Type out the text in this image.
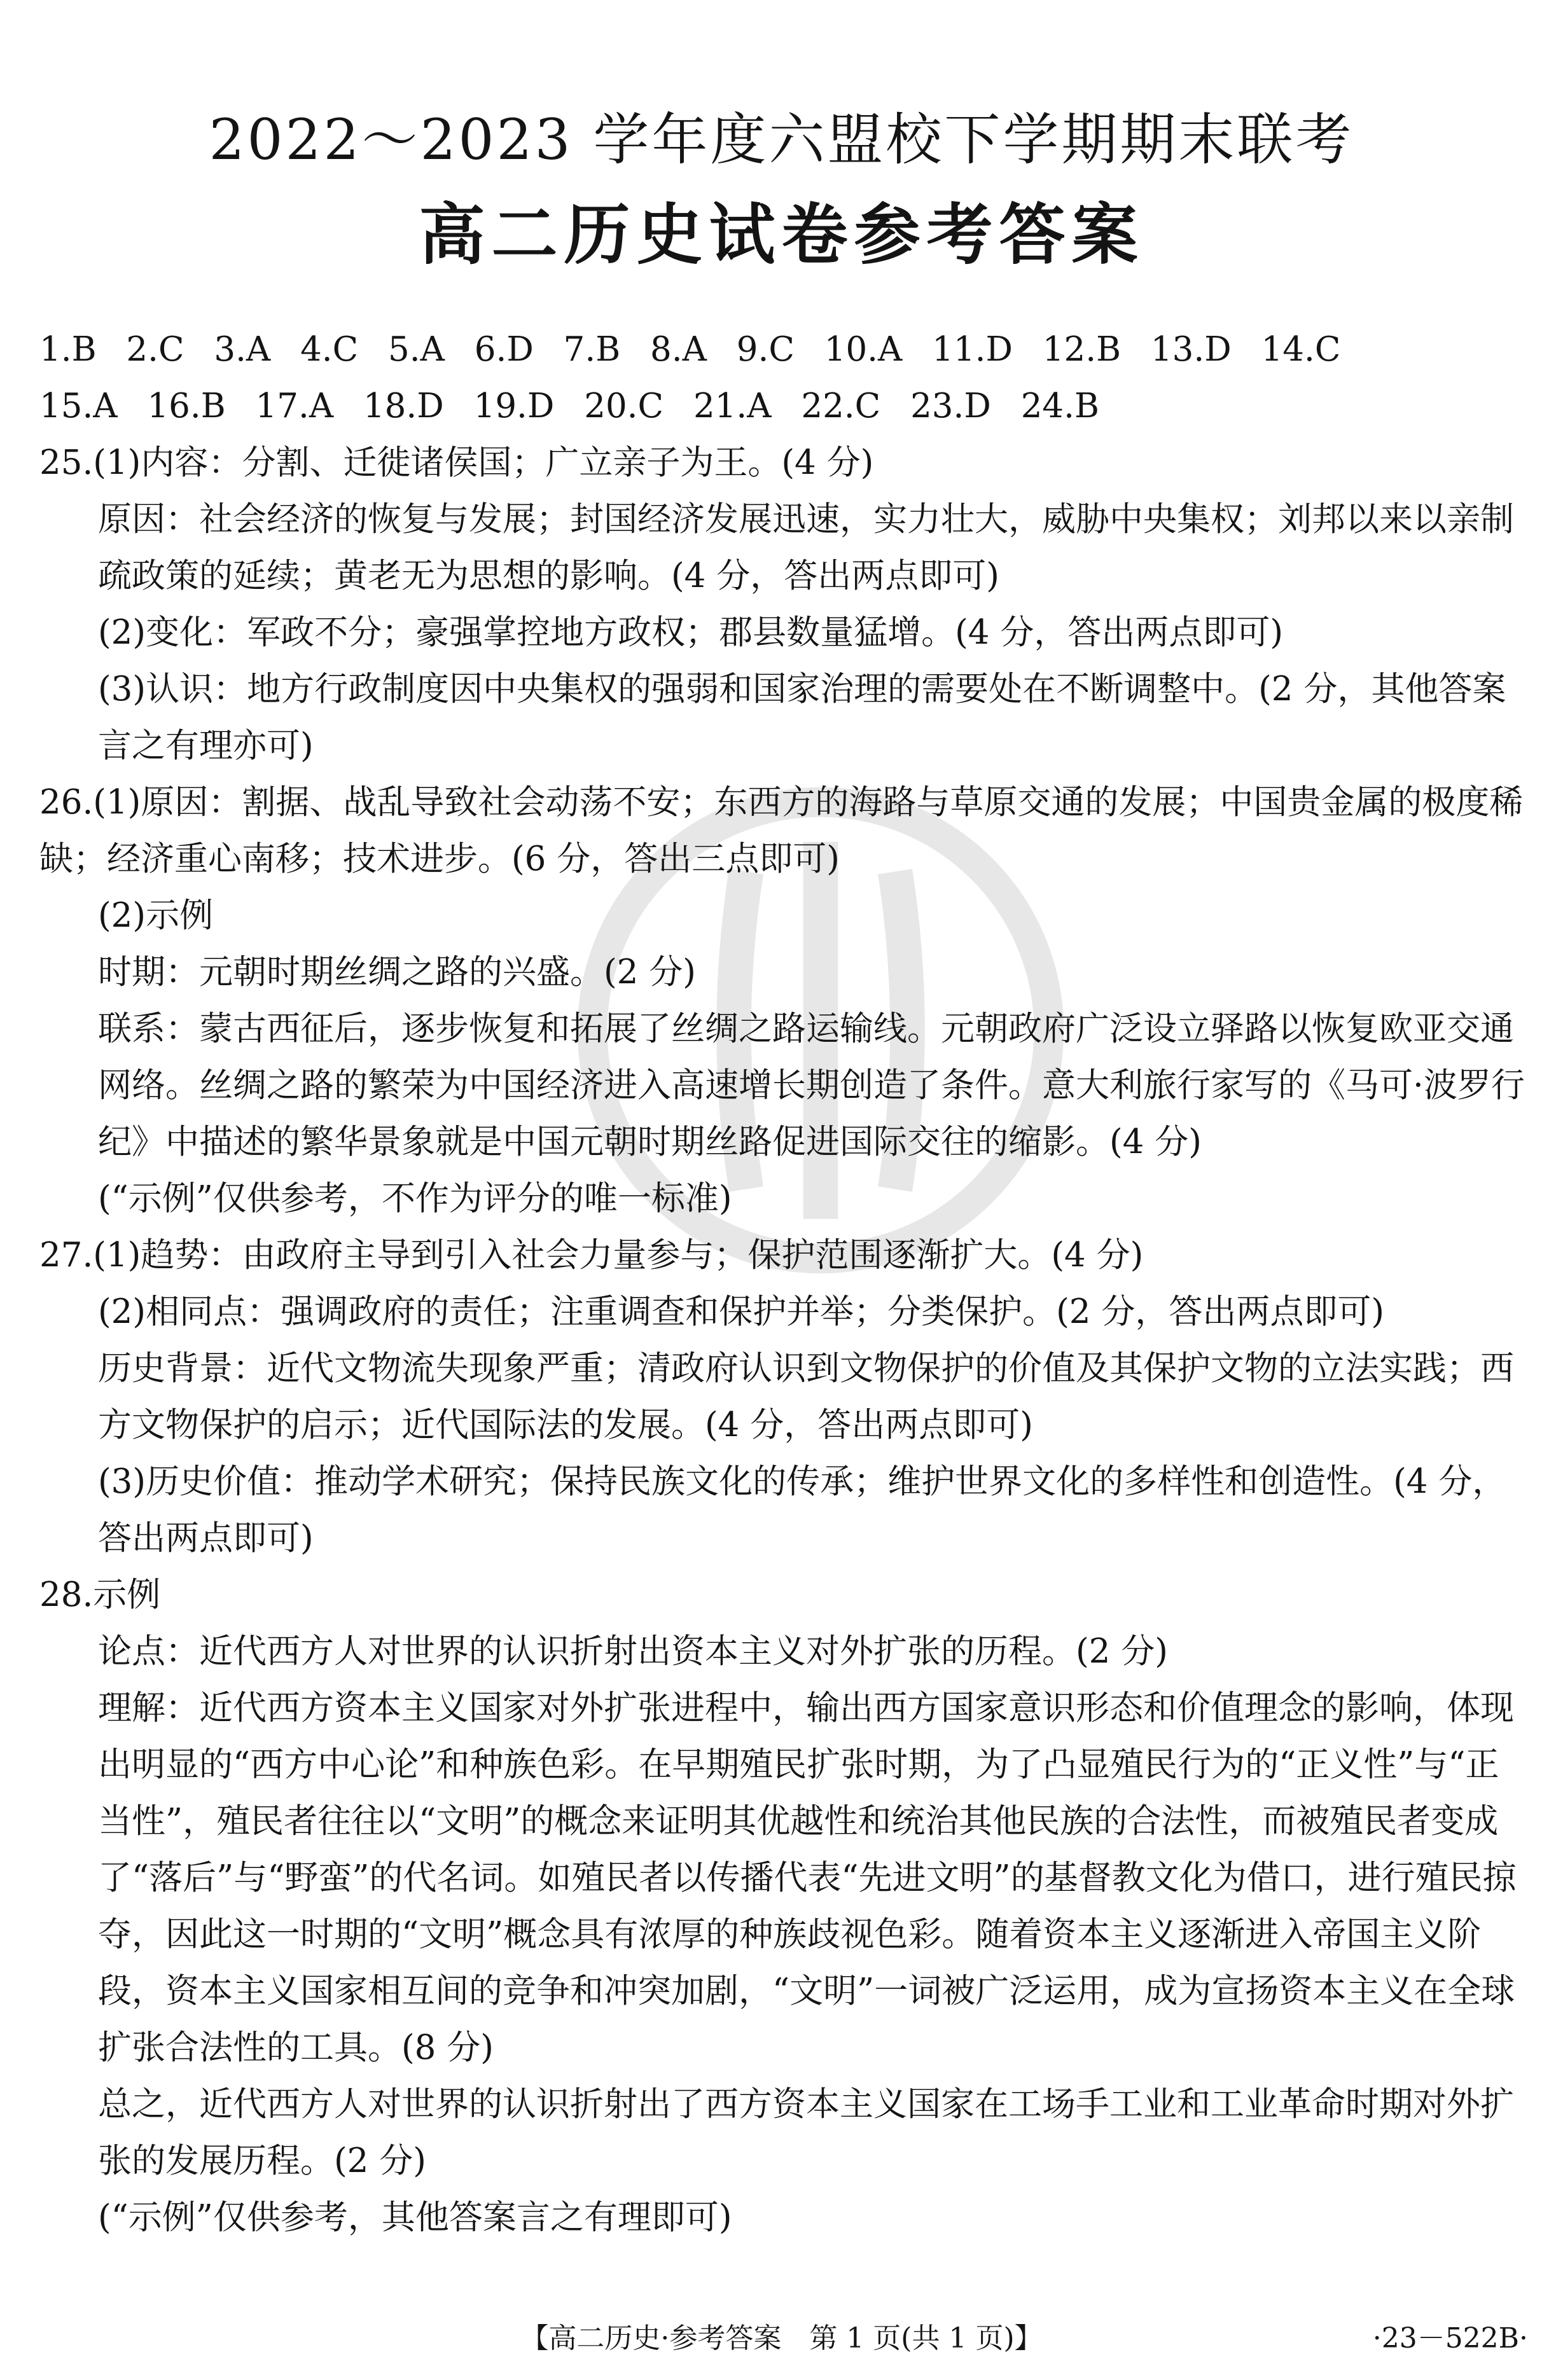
2022～2023 学年度六盟校下学期期末联考
高二历史试卷参考答案
1.B 2.C 3.A 4.C 5.A 6.D 7.B 8.A 9.C 10.A 11.D 12.B 13.D 14.C
15.A 16.B 17.A 18.D 19.D 20.C 21.A 22.C 23.D 24.B

25.(1)内容：分割、迁徙诸侯国；广立亲子为王。(4 分)

原因：社会经济的恢复与发展；封国经济发展迅速，实力壮大，威胁中央集权；刘邦以来以亲制疏政策的延续；黄老无为思想的影响。(4 分，答出两点即可)

(2)变化：军政不分；豪强掌控地方政权；郡县数量猛增。(4 分，答出两点即可)

(3)认识：地方行政制度因中央集权的强弱和国家治理的需要处在不断调整中。(2 分，其他答案言之有理亦可)

26.(1)原因：割据、战乱导致社会动荡不安；东西方的海路与草原交通的发展；中国贵金属的极度稀缺；经济重心南移；技术进步。(6 分，答出三点即可)

(2)示例

时期：元朝时期丝绸之路的兴盛。(2 分)

联系：蒙古西征后，逐步恢复和拓展了丝绸之路运输线。元朝政府广泛设立驿路以恢复欧亚交通网络。丝绸之路的繁荣为中国经济进入高速增长期创造了条件。意大利旅行家写的《马可·波罗行纪》中描述的繁华景象就是中国元朝时期丝路促进国际交往的缩影。(4 分)

(“示例”仅供参考，不作为评分的唯一标准)

27.(1)趋势：由政府主导到引入社会力量参与；保护范围逐渐扩大。(4 分)

(2)相同点：强调政府的责任；注重调查和保护并举；分类保护。(2 分，答出两点即可)

历史背景：近代文物流失现象严重；清政府认识到文物保护的价值及其保护文物的立法实践；西方文物保护的启示；近代国际法的发展。(4 分，答出两点即可)

(3)历史价值：推动学术研究；保持民族文化的传承；维护世界文化的多样性和创造性。(4 分，答出两点即可)

28.示例

论点：近代西方人对世界的认识折射出资本主义对外扩张的历程。(2 分)

理解：近代西方资本主义国家对外扩张进程中，输出西方国家意识形态和价值理念的影响，体现出明显的“西方中心论”和种族色彩。在早期殖民扩张时期，为了凸显殖民行为的“正义性”与“正当性”，殖民者往往以“文明”的概念来证明其优越性和统治其他民族的合法性，而被殖民者变成了“落后”与“野蛮”的代名词。如殖民者以传播代表“先进文明”的基督教文化为借口，进行殖民掠夺，因此这一时期的“文明”概念具有浓厚的种族歧视色彩。随着资本主义逐渐进入帝国主义阶段，资本主义国家相互间的竞争和冲突加剧，“文明”一词被广泛运用，成为宣扬资本主义在全球扩张合法性的工具。(8 分)

总之，近代西方人对世界的认识折射出了西方资本主义国家在工场手工业和工业革命时期对外扩张的发展历程。(2 分)

(“示例”仅供参考，其他答案言之有理即可)

【高二历史·参考答案　第 1 页(共 1 页)】	·23－522B·
